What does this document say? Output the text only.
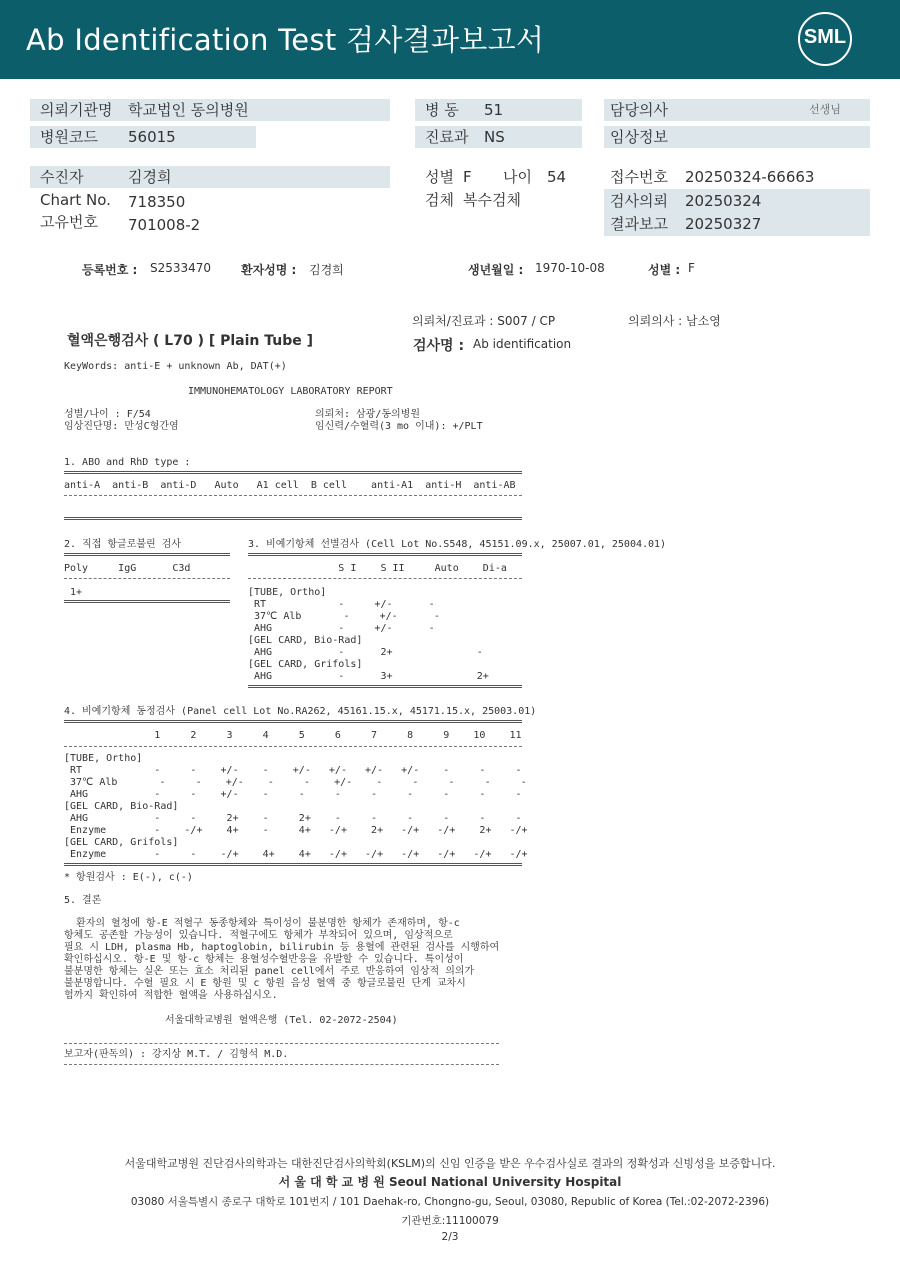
Ab Identification Test 검사결과보고서	SML
의뢰기관명 학교법인 동의병원	병 동 51	담당의사	선생님
병원코드 56015	진료과 NS	임상정보
수진자	김경희	성별 F 나이 54	접수번호 20250324-66663
Chart No. 718350	검체 복수검체	검사의뢰 20250324
고유번호 701008-2	결과보고 20250327
등록번호 : S2533470 환자성명 : 김경희	생년월일 : 1970-10-08	성별 : F
의뢰처/진료과 : S007 / CP	의뢰의사 : 남소영
혈액은행검사 ( L70 ) [ Plain Tube ]	검사명 : Ab identification
KeyWords: anti-E + unknown Ab, DAT(+)
IMMUNOHEMATOLOGY LABORATORY REPORT
성별/나이 : F/54
임상진단명: 만성C형간염
의뢰처: 삼광/동의병원
임신력/수혈력(3 mo 이내): +/PLT
1. ABO and RhD type :
anti-A  anti-B  anti-D   Auto   A1 cell  B cell    anti-A1  anti-H  anti-AB
2. 직접 항글로불린 검사
Poly     IgG      C3d
1+
3. 비예기항체 선별검사 (Cell Lot No.S548, 45151.09.x, 25007.01, 25004.01)
S I    S II     Auto    Di-a
[TUBE, Ortho]
RT            -     +/-      -
37℃ Alb       -     +/-      -
AHG           -     +/-      -
[GEL CARD, Bio-Rad]
AHG           -      2+              -
[GEL CARD, Grifols]
AHG           -      3+              2+
4. 비예기항체 동정검사 (Panel cell Lot No.RA262, 45161.15.x, 45171.15.x, 25003.01)
1     2     3     4     5     6     7     8     9    10    11
[TUBE, Ortho]
RT            -     -    +/-    -    +/-   +/-   +/-   +/-    -     -     -
37℃ Alb       -     -    +/-    -     -    +/-    -     -     -     -     -
AHG           -     -    +/-    -     -     -     -     -     -     -     -
[GEL CARD, Bio-Rad]
AHG           -     -     2+    -     2+    -     -     -     -     -     -
Enzyme        -    -/+    4+    -     4+   -/+    2+   -/+   -/+    2+   -/+
[GEL CARD, Grifols]
Enzyme        -     -    -/+    4+    4+   -/+   -/+   -/+   -/+   -/+   -/+
* 항원검사 : E(-), c(-)
5. 결론
환자의 혈청에 항-E 적혈구 동종항체와 특이성이 불분명한 항체가 존재하며, 항-c
항체도 공존할 가능성이 있습니다. 적혈구에도 항체가 부착되어 있으며, 임상적으로
필요 시 LDH, plasma Hb, haptoglobin, bilirubin 등 용혈에 관련된 검사를 시행하여
확인하십시오. 항-E 및 항-c 항체는 용혈성수혈반응을 유발할 수 있습니다. 특이성이
불분명한 항체는 실온 또는 효소 처리된 panel cell에서 주로 반응하여 임상적 의의가
불분명합니다. 수혈 필요 시 E 항원 및 c 항원 음성 혈액 중 항글로불린 단계 교차시
험까지 확인하여 적합한 혈액을 사용하십시오.
서울대학교병원 혈액은행 (Tel. 02-2072-2504)
보고자(판독의) : 강지상 M.T. / 김형석 M.D.
서울대학교병원 진단검사의학과는 대한진단검사의학회(KSLM)의 신임 인증을 받은 우수검사실로 결과의 정확성과 신빙성을 보증합니다.
서 울 대 학 교 병 원 Seoul National University Hospital
03080 서울특별시 종로구 대학로 101번지 / 101 Daehak-ro, Chongno-gu, Seoul, 03080, Republic of Korea (Tel.:02-2072-2396)
기관번호:11100079
2/3
